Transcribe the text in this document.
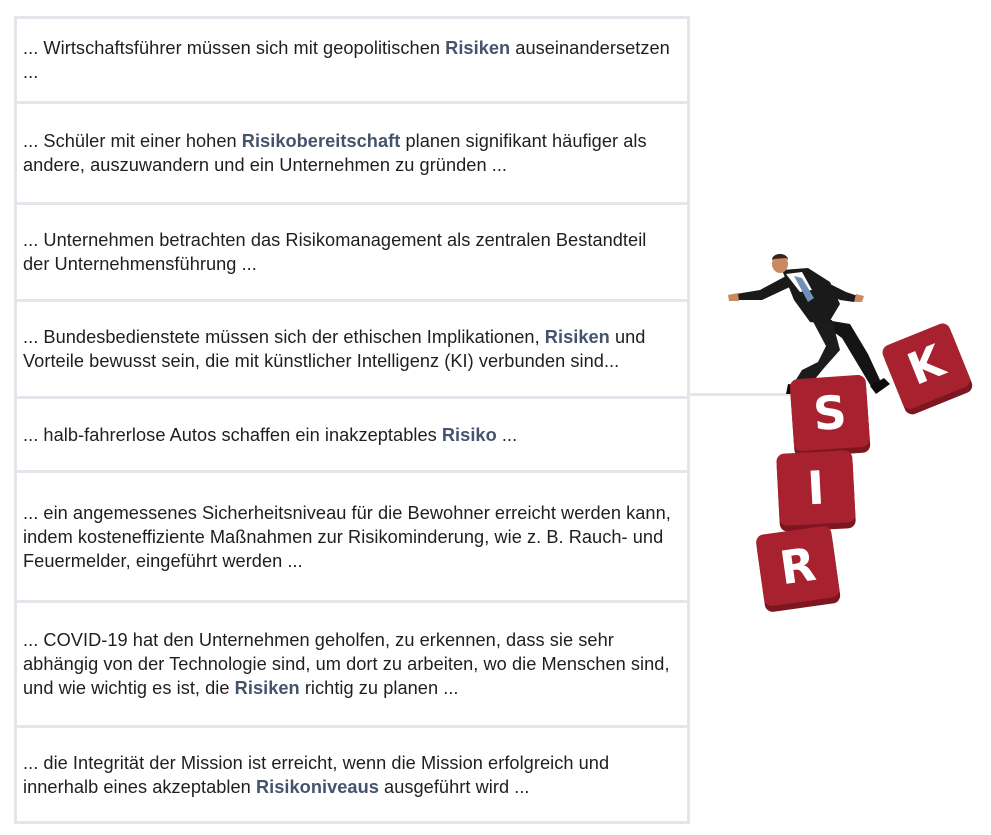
... Wirtschaftsführer müssen sich mit geopolitischen Risiken auseinandersetzen ...
... Schüler mit einer hohen Risikobereitschaft planen signifikant häufiger als andere, auszuwandern und ein Unternehmen zu gründen ...
... Unternehmen betrachten das Risikomanagement als zentralen Bestandteil der Unternehmensführung ...
... Bundesbedienstete müssen sich der ethischen Implikationen, Risiken und Vorteile bewusst sein, die mit künstlicher Intelligenz (KI) verbunden sind...
... halb-fahrerlose Autos schaffen ein inakzeptables Risiko ...
... ein angemessenes Sicherheitsniveau für die Bewohner erreicht werden kann, indem kosteneffiziente Maßnahmen zur Risikominderung, wie z. B. Rauch- und Feuermelder, eingeführt werden ...
... COVID-19 hat den Unternehmen geholfen, zu erkennen, dass sie sehr abhängig von der Technologie sind, um dort zu arbeiten, wo die Menschen sind, und wie wichtig es ist, die Risiken richtig zu planen ...
... die Integrität der Mission ist erreicht, wenn die Mission erfolgreich und innerhalb eines akzeptablen Risikoniveaus ausgeführt wird ...
K
S
I
R
